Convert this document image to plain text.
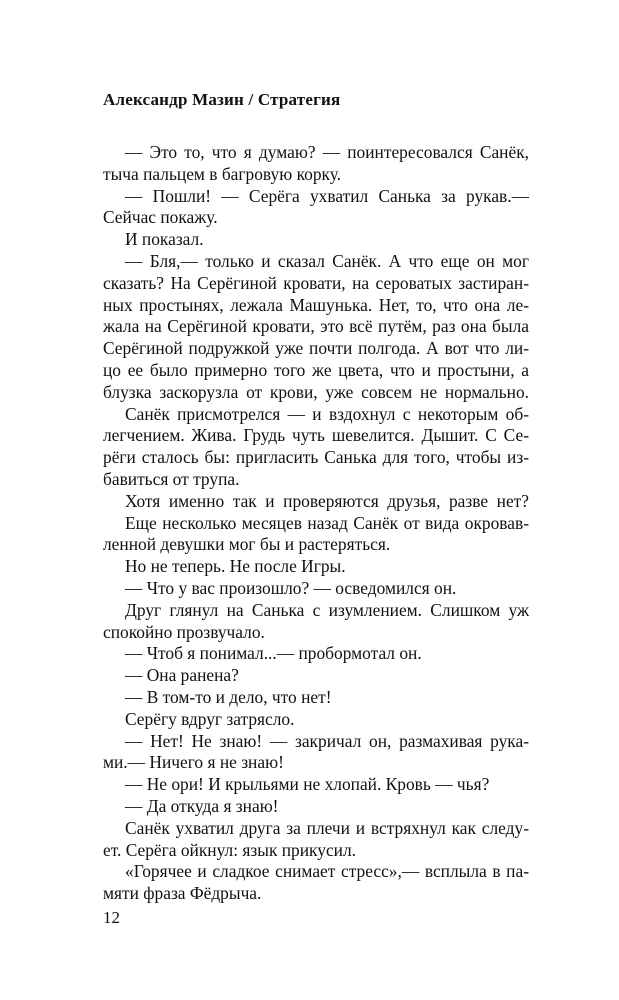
Александр Мазин / Стратегия
— Это то, что я думаю? — поинтересовался Санёк,
тыча пальцем в багровую корку.
— Пошли! — Серёга ухватил Санька за рукав.—
Сейчас покажу.
И показал.
— Бля,— только и сказал Санёк. А что еще он мог
сказать? На Серёгиной кровати, на сероватых застиран-
ных простынях, лежала Машунька. Нет, то, что она ле-
жала на Серёгиной кровати, это всё путём, раз она была
Серёгиной подружкой уже почти полгода. А вот что ли-
цо ее было примерно того же цвета, что и простыни, а
блузка заскорузла от крови, уже совсем не нормально.
Санёк присмотрелся — и вздохнул с некоторым об-
легчением. Жива. Грудь чуть шевелится. Дышит. С Се-
рёги сталось бы: пригласить Санька для того, чтобы из-
бавиться от трупа.
Хотя именно так и проверяются друзья, разве нет?
Еще несколько месяцев назад Санёк от вида окровав-
ленной девушки мог бы и растеряться.
Но не теперь. Не после Игры.
— Что у вас произошло? — осведомился он.
Друг глянул на Санька с изумлением. Слишком уж
спокойно прозвучало.
— Чтоб я понимал...— пробормотал он.
— Она ранена?
— В том-то и дело, что нет!
Серёгу вдруг затрясло.
— Нет! Не знаю! — закричал он, размахивая рука-
ми.— Ничего я не знаю!
— Не ори! И крыльями не хлопай. Кровь — чья?
— Да откуда я знаю!
Санёк ухватил друга за плечи и встряхнул как следу-
ет. Серёга ойкнул: язык прикусил.
«Горячее и сладкое снимает стресс»,— всплыла в па-
мяти фраза Фёдрыча.
12
